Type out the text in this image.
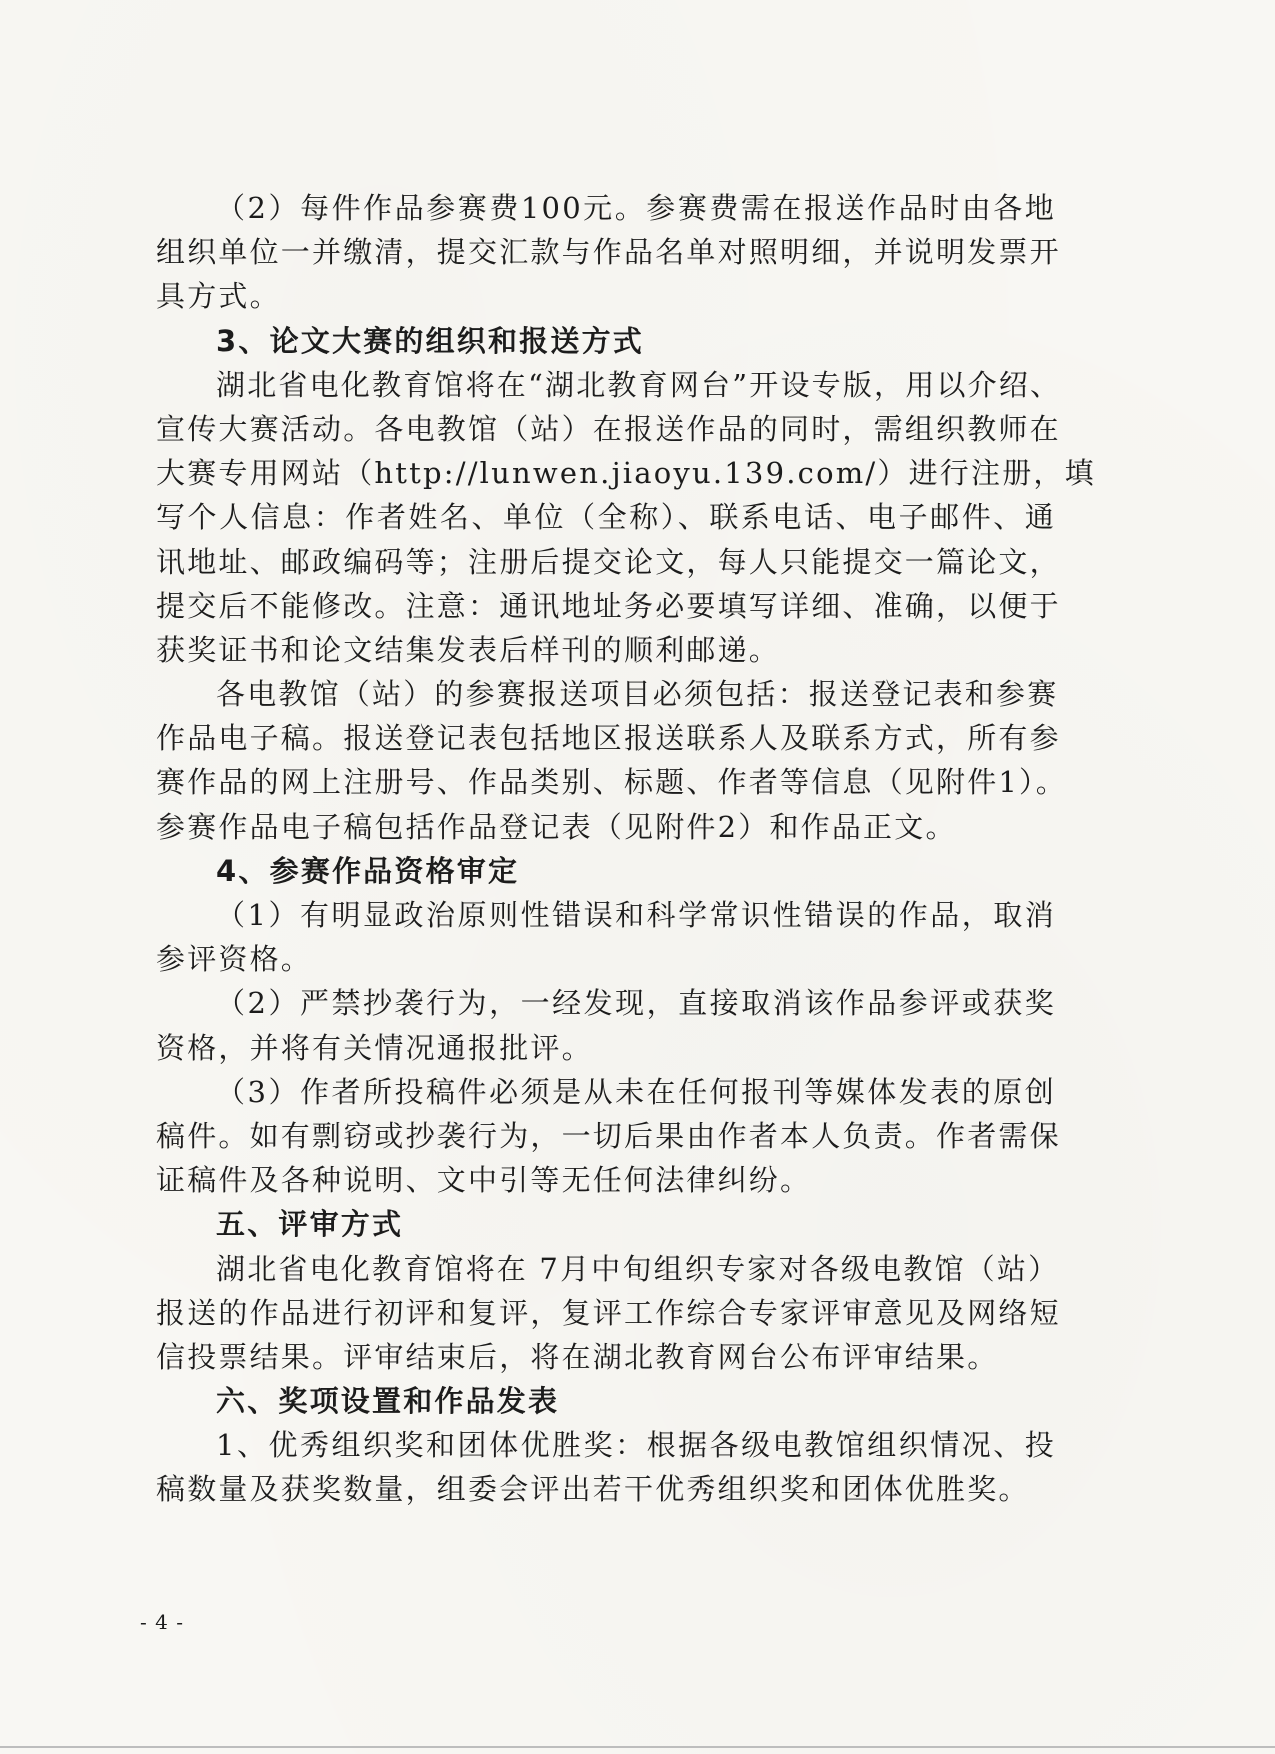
（2）每件作品参赛费100元。参赛费需在报送作品时由各地
组织单位一并缴清，提交汇款与作品名单对照明细，并说明发票开
具方式。
3、论文大赛的组织和报送方式
湖北省电化教育馆将在“湖北教育网台”开设专版，用以介绍、
宣传大赛活动。各电教馆（站）在报送作品的同时，需组织教师在
大赛专用网站（http://lunwen.jiaoyu.139.com/）进行注册，填
写个人信息：作者姓名、单位（全称）、联系电话、电子邮件、通
讯地址、邮政编码等；注册后提交论文，每人只能提交一篇论文，
提交后不能修改。注意：通讯地址务必要填写详细、准确，以便于
获奖证书和论文结集发表后样刊的顺利邮递。
各电教馆（站）的参赛报送项目必须包括：报送登记表和参赛
作品电子稿。报送登记表包括地区报送联系人及联系方式，所有参
赛作品的网上注册号、作品类别、标题、作者等信息（见附件1）。
参赛作品电子稿包括作品登记表（见附件2）和作品正文。
4、参赛作品资格审定
（1）有明显政治原则性错误和科学常识性错误的作品，取消
参评资格。
（2）严禁抄袭行为，一经发现，直接取消该作品参评或获奖
资格，并将有关情况通报批评。
（3）作者所投稿件必须是从未在任何报刊等媒体发表的原创
稿件。如有剽窃或抄袭行为，一切后果由作者本人负责。作者需保
证稿件及各种说明、文中引等无任何法律纠纷。
五、评审方式
湖北省电化教育馆将在 7月中旬组织专家对各级电教馆（站）
报送的作品进行初评和复评，复评工作综合专家评审意见及网络短
信投票结果。评审结束后，将在湖北教育网台公布评审结果。
六、奖项设置和作品发表
1、优秀组织奖和团体优胜奖：根据各级电教馆组织情况、投
稿数量及获奖数量，组委会评出若干优秀组织奖和团体优胜奖。
- 4 -
